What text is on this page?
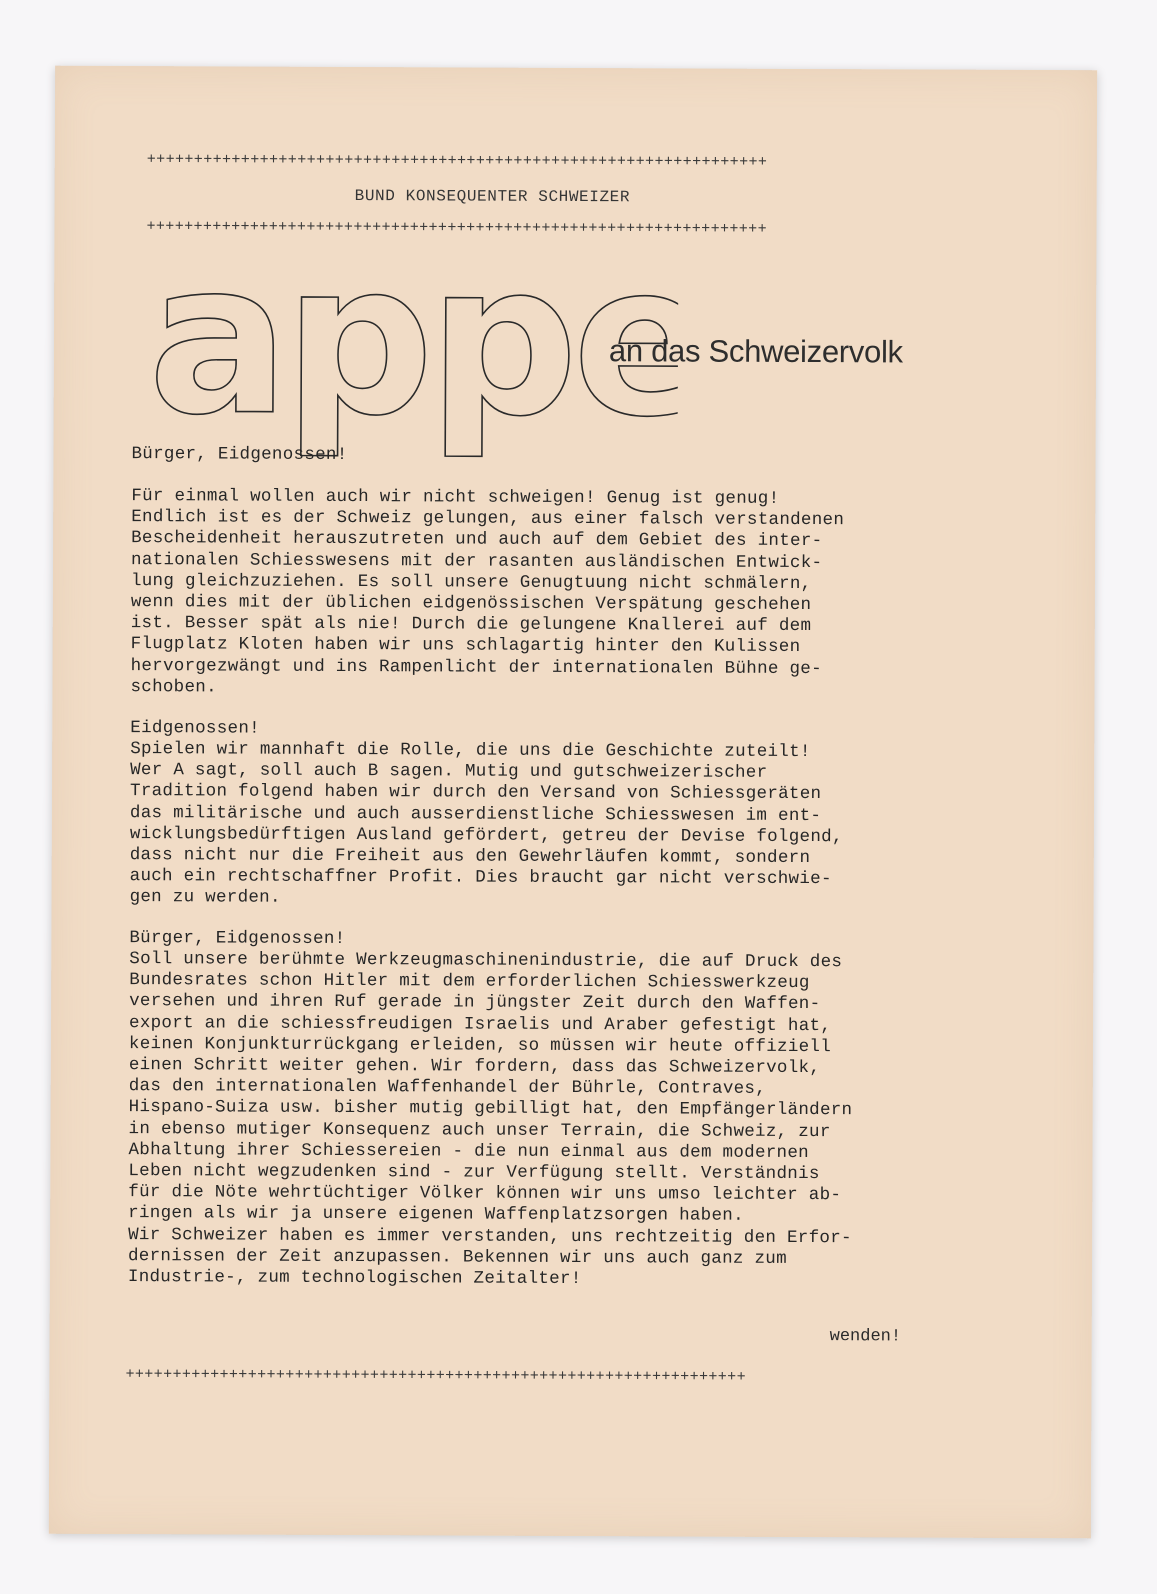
++++++++++++++++++++++++++++++++++++++++++++++++++++++++++++++++++
BUND KONSEQUENTER SCHWEIZER
++++++++++++++++++++++++++++++++++++++++++++++++++++++++++++++++++
appell
an das Schweizervolk
Bürger, Eidgenossen!
Für einmal wollen auch wir nicht schweigen! Genug ist genug!
Endlich ist es der Schweiz gelungen, aus einer falsch verstandenen
Bescheidenheit herauszutreten und auch auf dem Gebiet des inter-
nationalen Schiesswesens mit der rasanten ausländischen Entwick-
lung gleichzuziehen. Es soll unsere Genugtuung nicht schmälern,
wenn dies mit der üblichen eidgenössischen Verspätung geschehen
ist. Besser spät als nie! Durch die gelungene Knallerei auf dem
Flugplatz Kloten haben wir uns schlagartig hinter den Kulissen
hervorgezwängt und ins Rampenlicht der internationalen Bühne ge-
schoben.
Eidgenossen!
Spielen wir mannhaft die Rolle, die uns die Geschichte zuteilt!
Wer A sagt, soll auch B sagen. Mutig und gutschweizerischer
Tradition folgend haben wir durch den Versand von Schiessgeräten
das militärische und auch ausserdienstliche Schiesswesen im ent-
wicklungsbedürftigen Ausland gefördert, getreu der Devise folgend,
dass nicht nur die Freiheit aus den Gewehrläufen kommt, sondern
auch ein rechtschaffner Profit. Dies braucht gar nicht verschwie-
gen zu werden.
Bürger, Eidgenossen!
Soll unsere berühmte Werkzeugmaschinenindustrie, die auf Druck des
Bundesrates schon Hitler mit dem erforderlichen Schiesswerkzeug
versehen und ihren Ruf gerade in jüngster Zeit durch den Waffen-
export an die schiessfreudigen Israelis und Araber gefestigt hat,
keinen Konjunkturrückgang erleiden, so müssen wir heute offiziell
einen Schritt weiter gehen. Wir fordern, dass das Schweizervolk,
das den internationalen Waffenhandel der Bührle, Contraves,
Hispano-Suiza usw. bisher mutig gebilligt hat, den Empfängerländern
in ebenso mutiger Konsequenz auch unser Terrain, die Schweiz, zur
Abhaltung ihrer Schiessereien - die nun einmal aus dem modernen
Leben nicht wegzudenken sind - zur Verfügung stellt. Verständnis
für die Nöte wehrtüchtiger Völker können wir uns umso leichter ab-
ringen als wir ja unsere eigenen Waffenplatzsorgen haben.
Wir Schweizer haben es immer verstanden, uns rechtzeitig den Erfor-
dernissen der Zeit anzupassen. Bekennen wir uns auch ganz zum
Industrie-, zum technologischen Zeitalter!
wenden!
++++++++++++++++++++++++++++++++++++++++++++++++++++++++++++++++++
